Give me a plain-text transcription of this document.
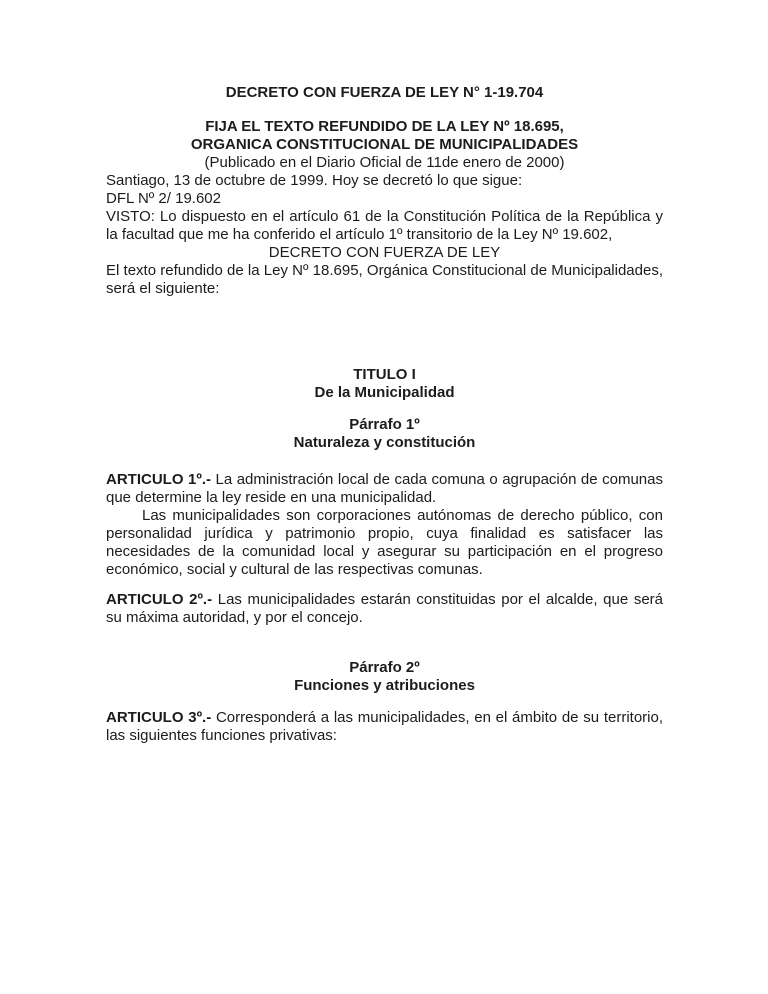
DECRETO CON FUERZA DE LEY N° 1-19.704

FIJA EL TEXTO REFUNDIDO DE LA LEY Nº 18.695,

ORGANICA CONSTITUCIONAL DE MUNICIPALIDADES

(Publicado en el Diario Oficial de 11de enero de 2000)

Santiago, 13 de octubre de 1999. Hoy se decretó lo que sigue:

DFL Nº 2/ 19.602

VISTO: Lo dispuesto en el artículo 61 de la Constitución Política de la República y la facultad que me ha conferido el artículo 1º transitorio de la Ley Nº 19.602,

DECRETO CON FUERZA DE LEY

El texto refundido de la Ley Nº 18.695, Orgánica Constitucional de Municipalidades, será el siguiente:

TITULO I

De la Municipalidad

Párrafo 1º

Naturaleza y constitución

ARTICULO 1º.- La administración local de cada comuna o agrupación de comunas que determine la ley reside en una municipalidad.

Las municipalidades son corporaciones autónomas de derecho público, con personalidad jurídica y patrimonio propio, cuya finalidad es satisfacer las necesidades de la comunidad local y asegurar su participación en el progreso económico, social y cultural de las respectivas comunas.

ARTICULO 2º.- Las municipalidades estarán constituidas por el alcalde, que será su máxima autoridad, y por el concejo.

Párrafo 2º

Funciones y atribuciones

ARTICULO 3º.- Corresponderá a las municipalidades, en el ámbito de su territorio, las siguientes funciones privativas:
